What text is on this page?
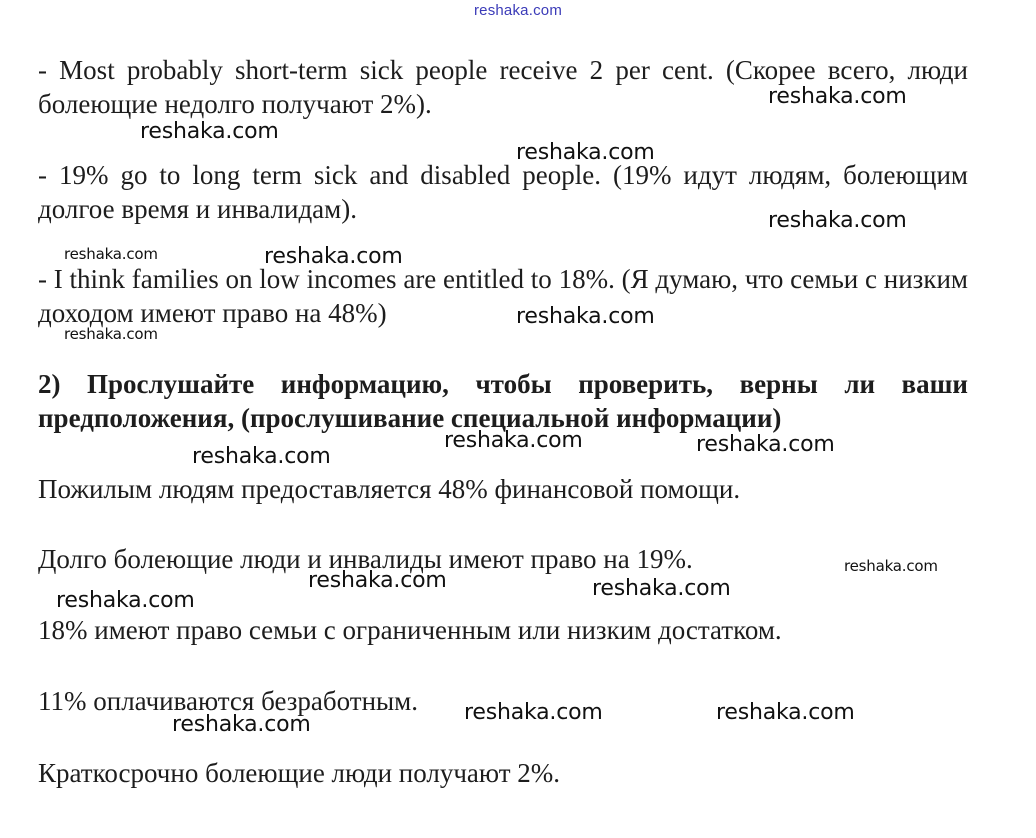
reshaka.com

- Most probably short-term sick people receive 2 per cent. (Скорее всего, люди болеющие недолго получают 2%).

- 19% go to long term sick and disabled people. (19% идут людям, болеющим долгое время и инвалидам).

- I think families on low incomes are entitled to 18%. (Я думаю, что семьи с низким доходом имеют право на 48%)

2) Прослушайте информацию, чтобы проверить, верны ли ваши предположения, (прослушивание специальной информации)

Пожилым людям предоставляется 48% финансовой помощи.

Долго болеющие люди и инвалиды имеют право на 19%.

18% имеют право семьи с ограниченным или низким достатком.

11% оплачиваются безработным.

Краткосрочно болеющие люди получают 2%.

reshaka.com
reshaka.com
reshaka.com
reshaka.com
reshaka.com	reshaka.com
reshaka.com
reshaka.com
reshaka.com	reshaka.com
reshaka.com
reshaka.com
reshaka.com	reshaka.com
reshaka.com
reshaka.com	reshaka.com
reshaka.com
